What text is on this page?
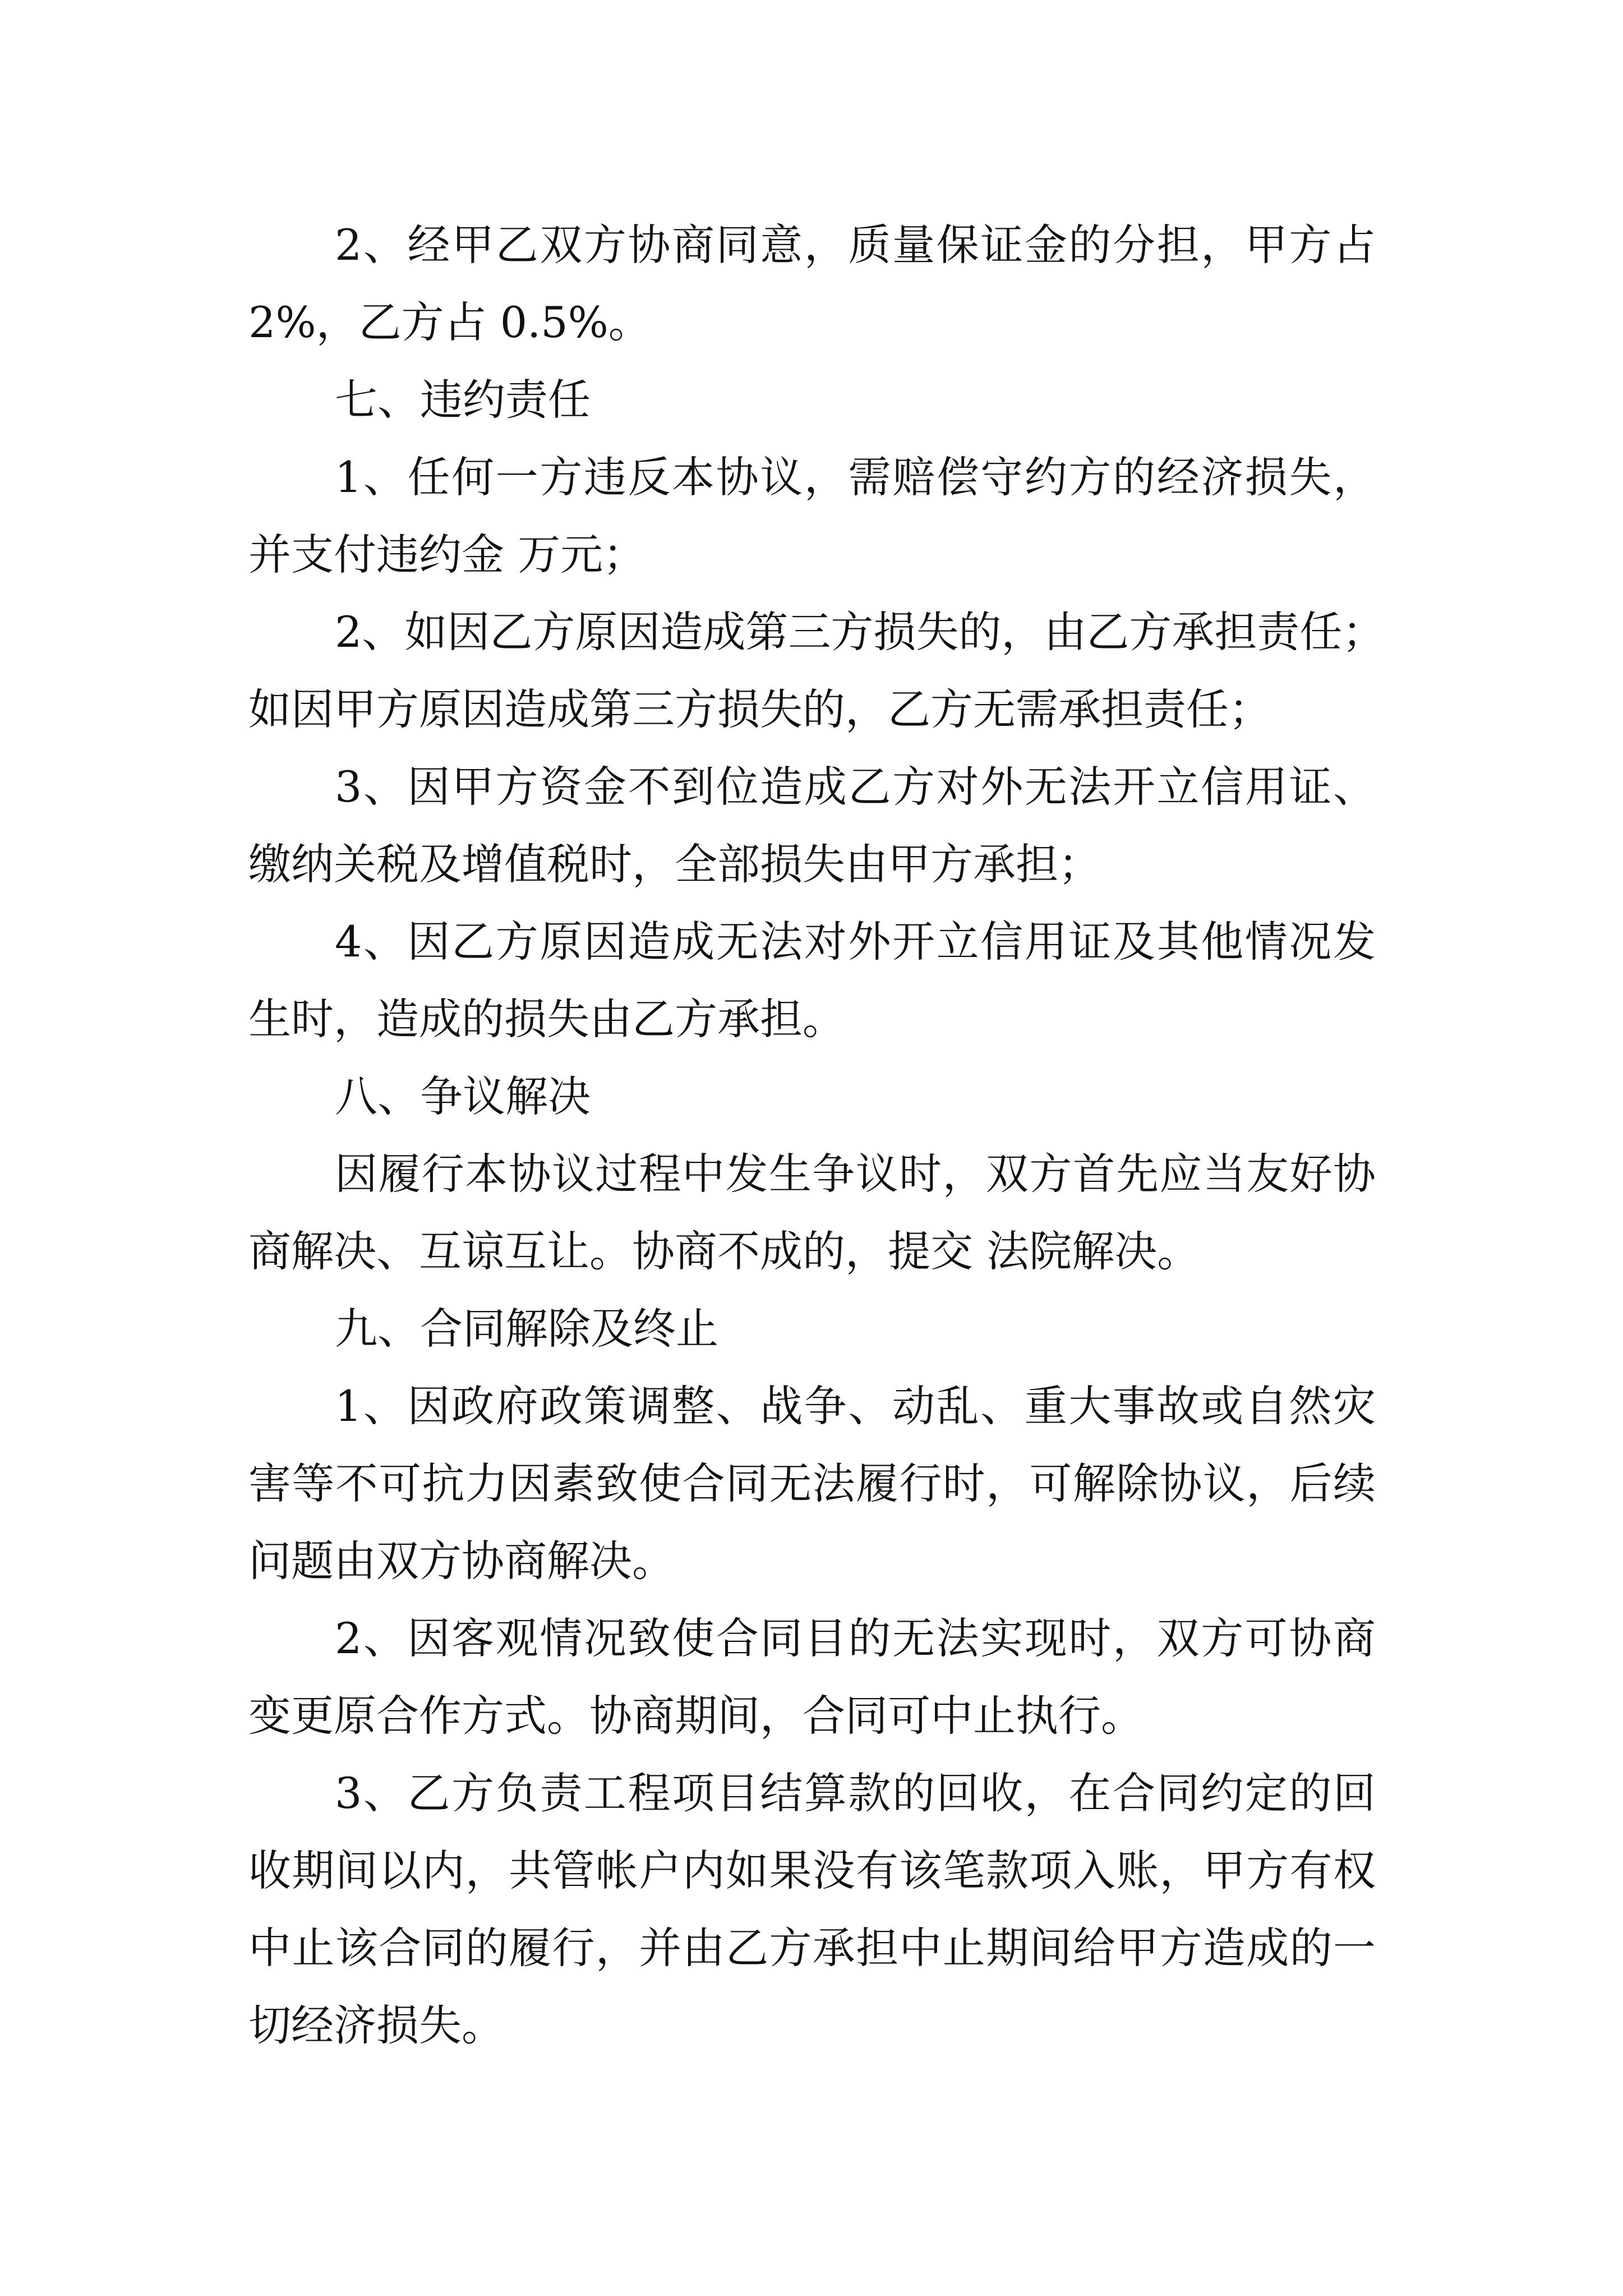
2、经甲乙双方协商同意，质量保证金的分担，甲方占
2%，乙方占 0.5%。
七、违约责任
1、任何一方违反本协议，需赔偿守约方的经济损失，
并支付违约金 万元；
2、如因乙方原因造成第三方损失的，由乙方承担责任；
如因甲方原因造成第三方损失的，乙方无需承担责任；
3、因甲方资金不到位造成乙方对外无法开立信用证、
缴纳关税及增值税时，全部损失由甲方承担；
4、因乙方原因造成无法对外开立信用证及其他情况发
生时，造成的损失由乙方承担。
八、争议解决
因履行本协议过程中发生争议时，双方首先应当友好协
商解决、互谅互让。协商不成的，提交 法院解决。
九、合同解除及终止
1、因政府政策调整、战争、动乱、重大事故或自然灾
害等不可抗力因素致使合同无法履行时，可解除协议，后续
问题由双方协商解决。
2、因客观情况致使合同目的无法实现时，双方可协商
变更原合作方式。协商期间，合同可中止执行。
3、乙方负责工程项目结算款的回收，在合同约定的回
收期间以内，共管帐户内如果没有该笔款项入账，甲方有权
中止该合同的履行，并由乙方承担中止期间给甲方造成的一
切经济损失。
